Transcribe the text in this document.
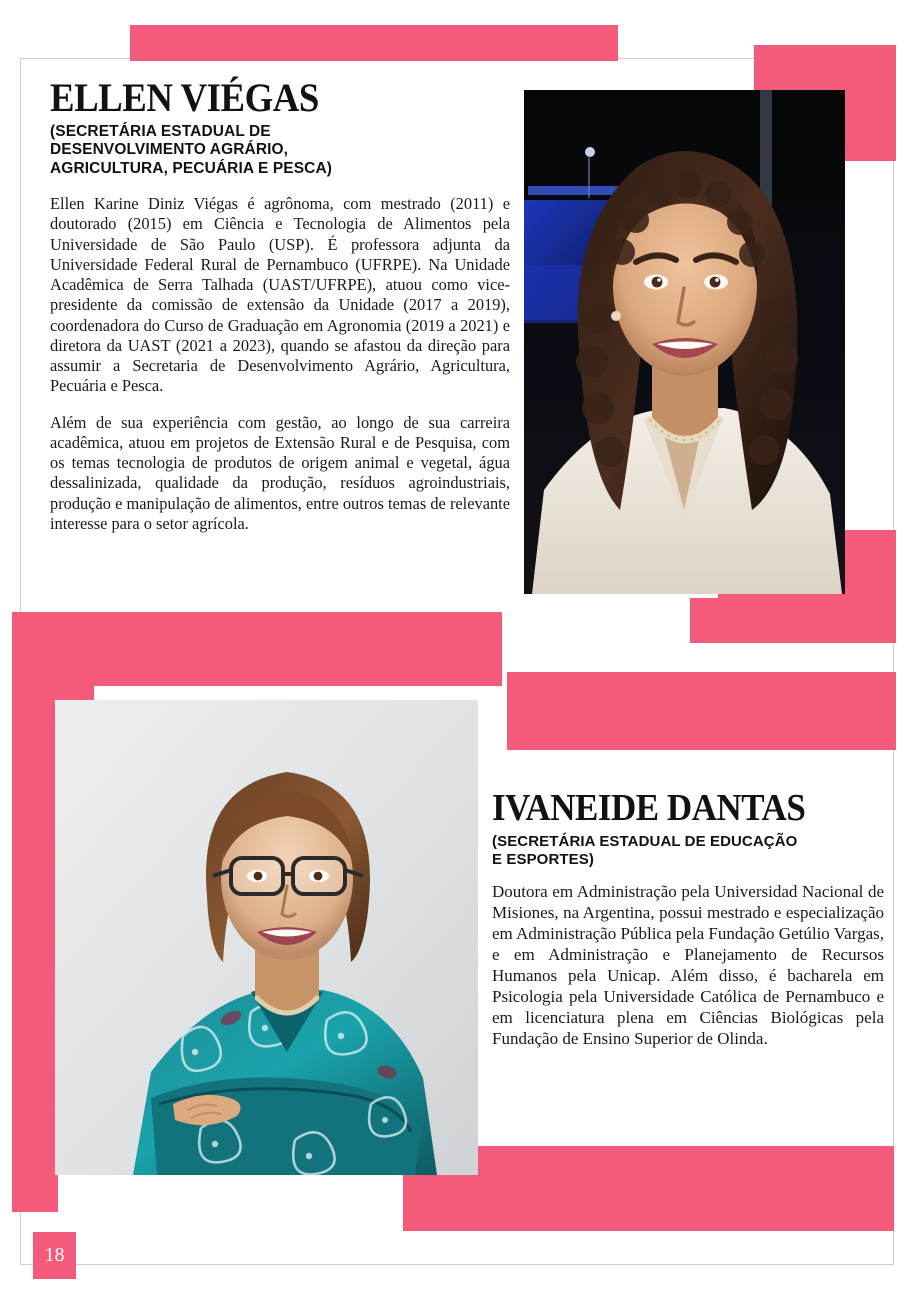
ELLEN VIÉGAS
(SECRETÁRIA ESTADUAL DE
DESENVOLVIMENTO AGRÁRIO,
AGRICULTURA, PECUÁRIA E PESCA)

Ellen Karine Diniz Viégas é agrônoma, com mestrado (2011) e doutorado (2015) em Ciência e Tecnologia de Alimentos pela Universidade de São Paulo (USP). É professora adjunta da Universidade Federal Rural de Pernambuco (UFRPE). Na Unidade Acadêmica de Serra Talhada (UAST/UFRPE), atuou como vice-presidente da comissão de extensão da Unidade (2017 a 2019), coordenadora do Curso de Graduação em Agronomia (2019 a 2021) e diretora da UAST (2021 a 2023), quando se afastou da direção para assumir a Secretaria de Desenvolvimento Agrário, Agricultura, Pecuária e Pesca.

Além de sua experiência com gestão, ao longo de sua carreira acadêmica, atuou em projetos de Extensão Rural e de Pesquisa, com os temas tecnologia de produtos de origem animal e vegetal, água dessalinizada, qualidade da produção, resíduos agroindustriais, produção e manipulação de alimentos, entre outros temas de relevante interesse para o setor agrícola.

IVANEIDE DANTAS
(SECRETÁRIA ESTADUAL DE EDUCAÇÃO
E ESPORTES)

Doutora em Administração pela Universidad Nacional de Misiones, na Argentina, possui mestrado e especialização em Administração Pública pela Fundação Getúlio Vargas, e em Administração e Planejamento de Recursos Humanos pela Unicap. Além disso, é bacharela em Psicologia pela Universidade Católica de Pernambuco e em licenciatura plena em Ciências Biológicas pela Fundação de Ensino Superior de Olinda.

18
